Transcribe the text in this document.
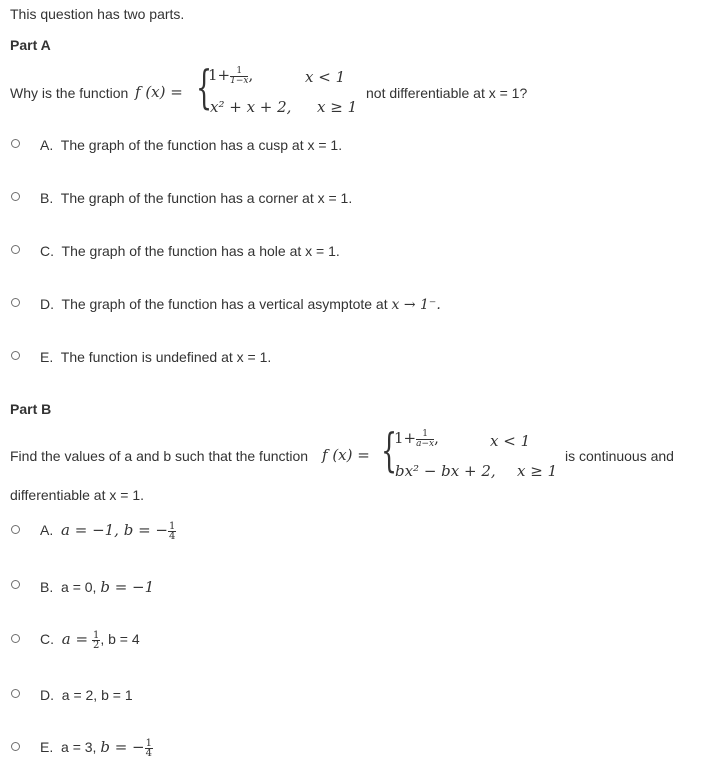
This question has two parts.
Part A
Why is the function f (x) = {
$1+ \frac{1}{1-x}$ ,	x < 1
x² + x + 2, x ≥ 1
not differentiable at x = 1?
A. The graph of the function has a cusp at x = 1.
B. The graph of the function has a corner at x = 1.
C. The graph of the function has a hole at x = 1.
D. The graph of the function has a vertical asymptote at x → 1⁻.
E. The function is undefined at x = 1.
Part B
Find the values of a and b such that the function f (x) = {
$1+ \frac{1}{a-x}$ ,	x < 1
bx² − bx + 2, x ≥ 1
is continuous and
differentiable at x = 1.
A. a = −1, b = − $\frac{1}{4}$
B. a = 0, b = −1
C. $a = \frac{1}{2}$ , b = 4
D. a = 2, b = 1
E. a = 3, b = − $\frac{1}{4}$
